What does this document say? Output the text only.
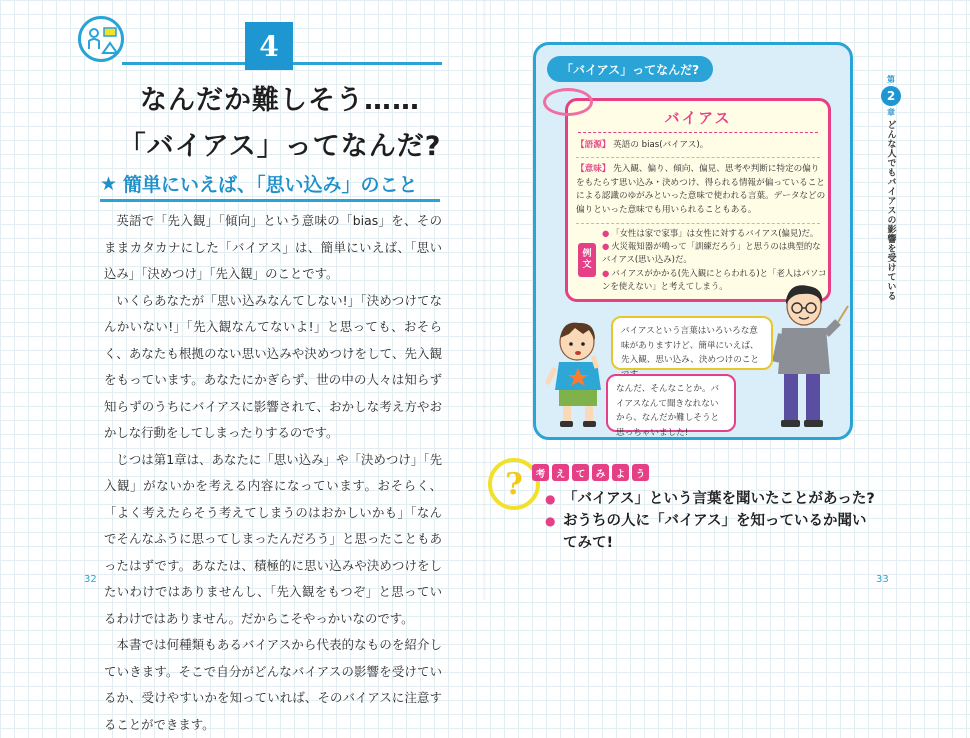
4
なんだか難しそう……
「バイアス」ってなんだ?
★ 簡単にいえば、「思い込み」のこと

英語で「先入観」「傾向」という意味の「bias」を、そのままカタカナにした「バイアス」は、簡単にいえば、「思い込み」「決めつけ」「先入観」のことです。

いくらあなたが「思い込みなんてしない!」「決めつけてなんかいない!」「先入観なんてないよ!」と思っても、おそらく、あなたも根拠のない思い込みや決めつけをして、先入観をもっています。あなたにかぎらず、世の中の人々は知らず知らずのうちにバイアスに影響されて、おかしな考え方やおかしな行動をしてしまったりするのです。

じつは第1章は、あなたに「思い込み」や「決めつけ」「先入観」がないかを考える内容になっています。おそらく、「よく考えたらそう考えてしまうのはおかしいかも」「なんでそんなふうに思ってしまったんだろう」と思ったこともあったはずです。あなたは、積極的に思い込みや決めつけをしたいわけではありませんし、「先入観をもつぞ」と思っているわけではありません。だからこそやっかいなのです。

本書では何種類もあるバイアスから代表的なものを紹介していきます。そこで自分がどんなバイアスの影響を受けているか、受けやすいかを知っていれば、そのバイアスに注意することができます。

32
「バイアス」ってなんだ?
バイアス
【語源】 英語の bias(バイアス)。
【意味】 先入観、偏り、傾向、偏見、思考や判断に特定の偏りをもたらす思い込み・決めつけ、得られる情報が偏っていることによる認識のゆがみといった意味で使われる言葉。データなどの偏りといった意味でも用いられることもある。
例
文
● 「女性は家で家事」は女性に対するバイアス(偏見)だ。
● 火災報知器が鳴って「訓練だろう」と思うのは典型的なバイアス(思い込み)だ。
● バイアスがかかる(先入観にとらわれる)と「老人はパソコンを使えない」と考えてしまう。
バイアスという言葉はいろいろな意味がありますけど、簡単にいえば、先入観、思い込み、決めつけのこと
なんだ、そんなことか。バイアスなんて聞きなれないから、なんだか難しそうと思っちゃいました!
第
2
章
どんな人でもバイアスの影響を受けている
?	考	え	て	み	よ	う
● 「バイアス」という言葉を聞いたことがあった?
● おうちの人に「バイアス」を知っているか聞いてみて!
33
